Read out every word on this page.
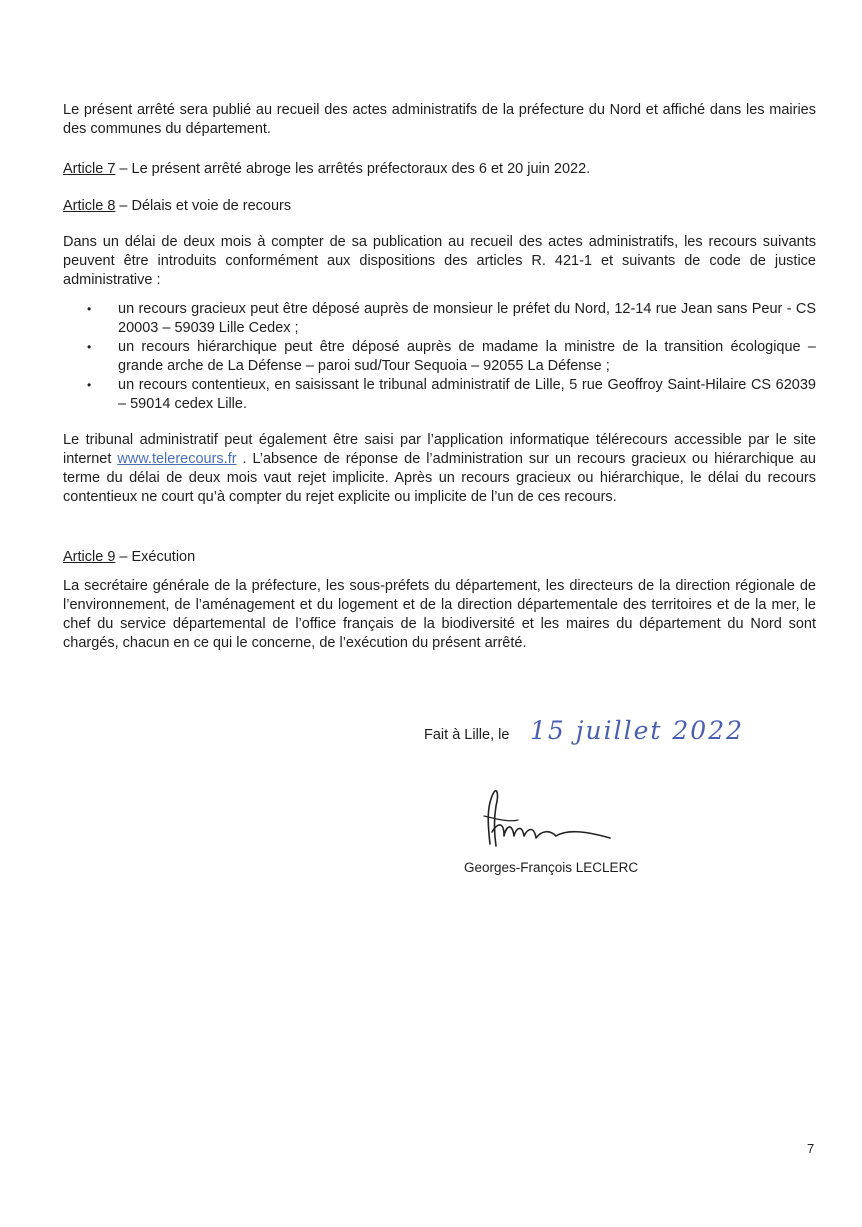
Le présent arrêté sera publié au recueil des actes administratifs de la préfecture du Nord et affiché dans les mairies des communes du département.

Article 7 – Le présent arrêté abroge les arrêtés préfectoraux des 6 et 20 juin 2022.

Article 8 – Délais et voie de recours

Dans un délai de deux mois à compter de sa publication au recueil des actes administratifs, les recours suivants peuvent être introduits conformément aux dispositions des articles R. 421-1 et suivants de code de justice administrative :

• un recours gracieux peut être déposé auprès de monsieur le préfet du Nord, 12-14 rue Jean sans Peur - CS 20003 – 59039 Lille Cedex ;
• un recours hiérarchique peut être déposé auprès de madame la ministre de la transition écologique – grande arche de La Défense – paroi sud/Tour Sequoia – 92055 La Défense ;
• un recours contentieux, en saisissant le tribunal administratif de Lille, 5 rue Geoffroy Saint-Hilaire CS 62039 – 59014 cedex Lille.

Le tribunal administratif peut également être saisi par l’application informatique télérecours accessible par le site internet www.telerecours.fr . L’absence de réponse de l’administration sur un recours gracieux ou hiérarchique au terme du délai de deux mois vaut rejet implicite. Après un recours gracieux ou hiérarchique, le délai du recours contentieux ne court qu’à compter du rejet explicite ou implicite de l’un de ces recours.

Article 9 – Exécution

La secrétaire générale de la préfecture, les sous-préfets du département, les directeurs de la direction régionale de l’environnement, de l’aménagement et du logement et de la direction départementale des territoires et de la mer, le chef du service départemental de l’office français de la biodiversité et les maires du département du Nord sont chargés, chacun en ce qui le concerne, de l’exécution du présent arrêté.

Fait à Lille, le 15 juillet 2022
Georges-François LECLERC
7
